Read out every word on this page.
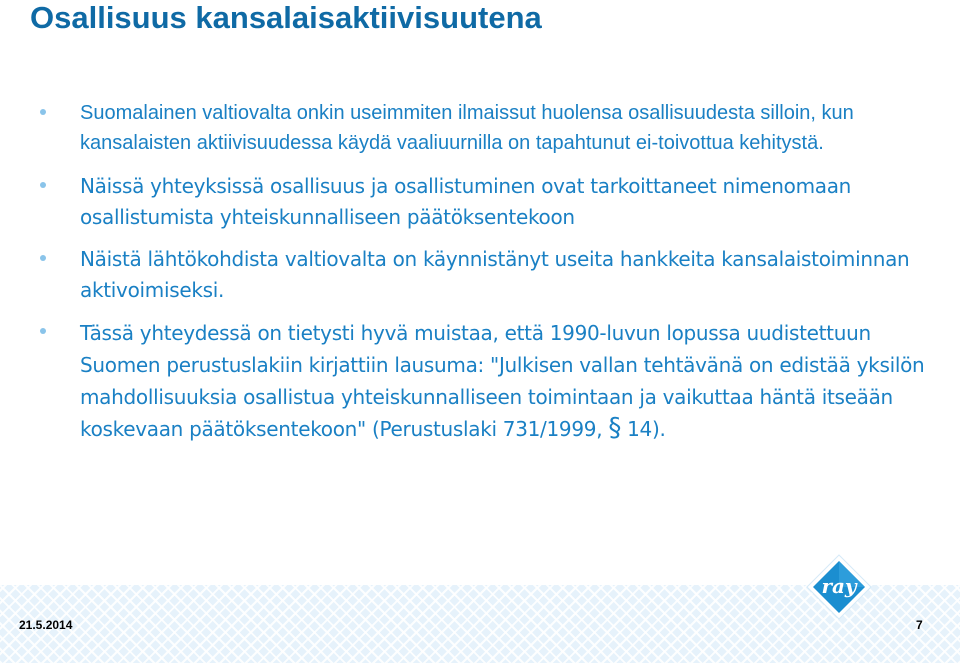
Osallisuus kansalaisaktiivisuutena
Suomalainen valtiovalta onkin useimmiten ilmaissut huolensa osallisuudesta silloin, kun kansalaisten aktiivisuudessa käydä vaaliuurnilla on tapahtunut ei-toivottua kehitystä.
Näissä yhteyksissä osallisuus ja osallistuminen ovat tarkoittaneet nimenomaan osallistumista yhteiskunnalliseen päätöksentekoon
Näistä lähtökohdista valtiovalta on käynnistänyt useita hankkeita kansalaistoiminnan aktivoimiseksi.
Tässä yhteydessä on tietysti hyvä muistaa, että 1990-luvun lopussa uudistettuun Suomen perustuslakiin kirjattiin lausuma: "Julkisen vallan tehtävänä on edistää yksilön mahdollisuuksia osallistua yhteiskunnalliseen toimintaan ja vaikuttaa häntä itseään koskevaan päätöksentekoon" (Perustuslaki 731/1999, § 14).
ray
21.5.2014	7
